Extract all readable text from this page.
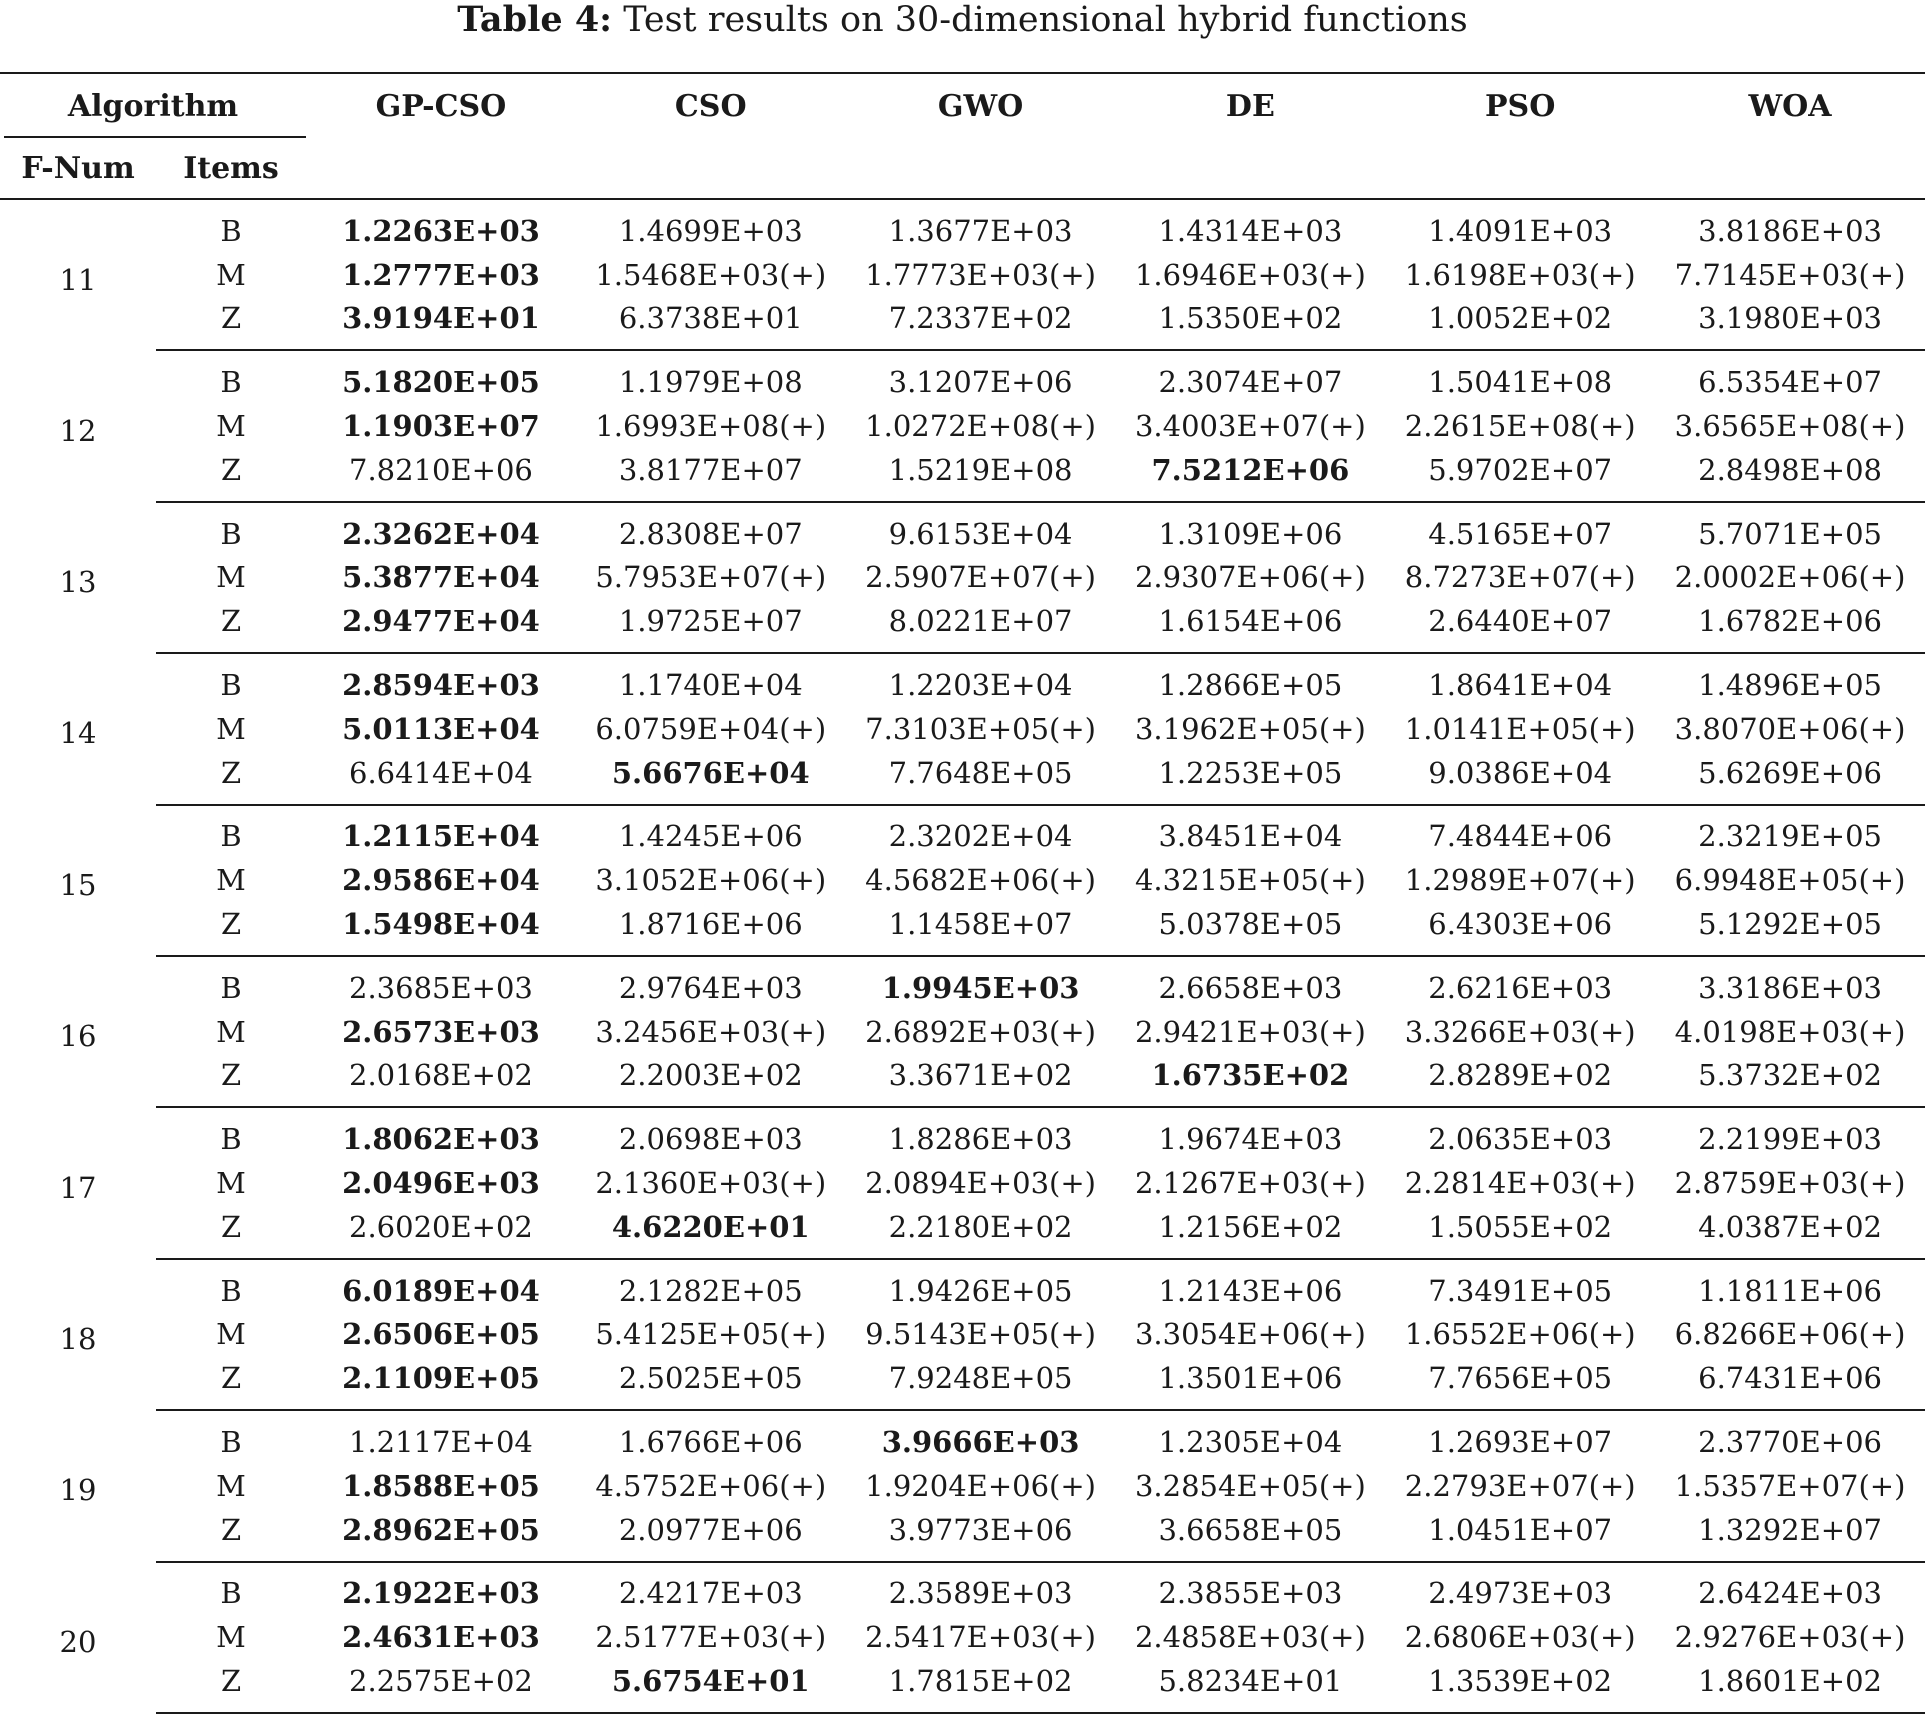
Table 4: Test results on 30-dimensional hybrid functions
Algorithm		GP-CSO	CSO	GWO	DE	PSO	WOA
F-Num	Items						
11	B	1.2263E+03	1.4699E+03	1.3677E+03	1.4314E+03	1.4091E+03	3.8186E+03
	M	1.2777E+03	1.5468E+03(+)	1.7773E+03(+)	1.6946E+03(+)	1.6198E+03(+)	7.7145E+03(+)
	Z	3.9194E+01	6.3738E+01	7.2337E+02	1.5350E+02	1.0052E+02	3.1980E+03
12	B	5.1820E+05	1.1979E+08	3.1207E+06	2.3074E+07	1.5041E+08	6.5354E+07
	M	1.1903E+07	1.6993E+08(+)	1.0272E+08(+)	3.4003E+07(+)	2.2615E+08(+)	3.6565E+08(+)
	Z	7.8210E+06	3.8177E+07	1.5219E+08	7.5212E+06	5.9702E+07	2.8498E+08
13	B	2.3262E+04	2.8308E+07	9.6153E+04	1.3109E+06	4.5165E+07	5.7071E+05
	M	5.3877E+04	5.7953E+07(+)	2.5907E+07(+)	2.9307E+06(+)	8.7273E+07(+)	2.0002E+06(+)
	Z	2.9477E+04	1.9725E+07	8.0221E+07	1.6154E+06	2.6440E+07	1.6782E+06
14	B	2.8594E+03	1.1740E+04	1.2203E+04	1.2866E+05	1.8641E+04	1.4896E+05
	M	5.0113E+04	6.0759E+04(+)	7.3103E+05(+)	3.1962E+05(+)	1.0141E+05(+)	3.8070E+06(+)
	Z	6.6414E+04	5.6676E+04	7.7648E+05	1.2253E+05	9.0386E+04	5.6269E+06
15	B	1.2115E+04	1.4245E+06	2.3202E+04	3.8451E+04	7.4844E+06	2.3219E+05
	M	2.9586E+04	3.1052E+06(+)	4.5682E+06(+)	4.3215E+05(+)	1.2989E+07(+)	6.9948E+05(+)
	Z	1.5498E+04	1.8716E+06	1.1458E+07	5.0378E+05	6.4303E+06	5.1292E+05
16	B	2.3685E+03	2.9764E+03	1.9945E+03	2.6658E+03	2.6216E+03	3.3186E+03
	M	2.6573E+03	3.2456E+03(+)	2.6892E+03(+)	2.9421E+03(+)	3.3266E+03(+)	4.0198E+03(+)
	Z	2.0168E+02	2.2003E+02	3.3671E+02	1.6735E+02	2.8289E+02	5.3732E+02
17	B	1.8062E+03	2.0698E+03	1.8286E+03	1.9674E+03	2.0635E+03	2.2199E+03
	M	2.0496E+03	2.1360E+03(+)	2.0894E+03(+)	2.1267E+03(+)	2.2814E+03(+)	2.8759E+03(+)
	Z	2.6020E+02	4.6220E+01	2.2180E+02	1.2156E+02	1.5055E+02	4.0387E+02
18	B	6.0189E+04	2.1282E+05	1.9426E+05	1.2143E+06	7.3491E+05	1.1811E+06
	M	2.6506E+05	5.4125E+05(+)	9.5143E+05(+)	3.3054E+06(+)	1.6552E+06(+)	6.8266E+06(+)
	Z	2.1109E+05	2.5025E+05	7.9248E+05	1.3501E+06	7.7656E+05	6.7431E+06
19	B	1.2117E+04	1.6766E+06	3.9666E+03	1.2305E+04	1.2693E+07	2.3770E+06
	M	1.8588E+05	4.5752E+06(+)	1.9204E+06(+)	3.2854E+05(+)	2.2793E+07(+)	1.5357E+07(+)
	Z	2.8962E+05	2.0977E+06	3.9773E+06	3.6658E+05	1.0451E+07	1.3292E+07
20	B	2.1922E+03	2.4217E+03	2.3589E+03	2.3855E+03	2.4973E+03	2.6424E+03
	M	2.4631E+03	2.5177E+03(+)	2.5417E+03(+)	2.4858E+03(+)	2.6806E+03(+)	2.9276E+03(+)
	Z	2.2575E+02	5.6754E+01	1.7815E+02	5.8234E+01	1.3539E+02	1.8601E+02
